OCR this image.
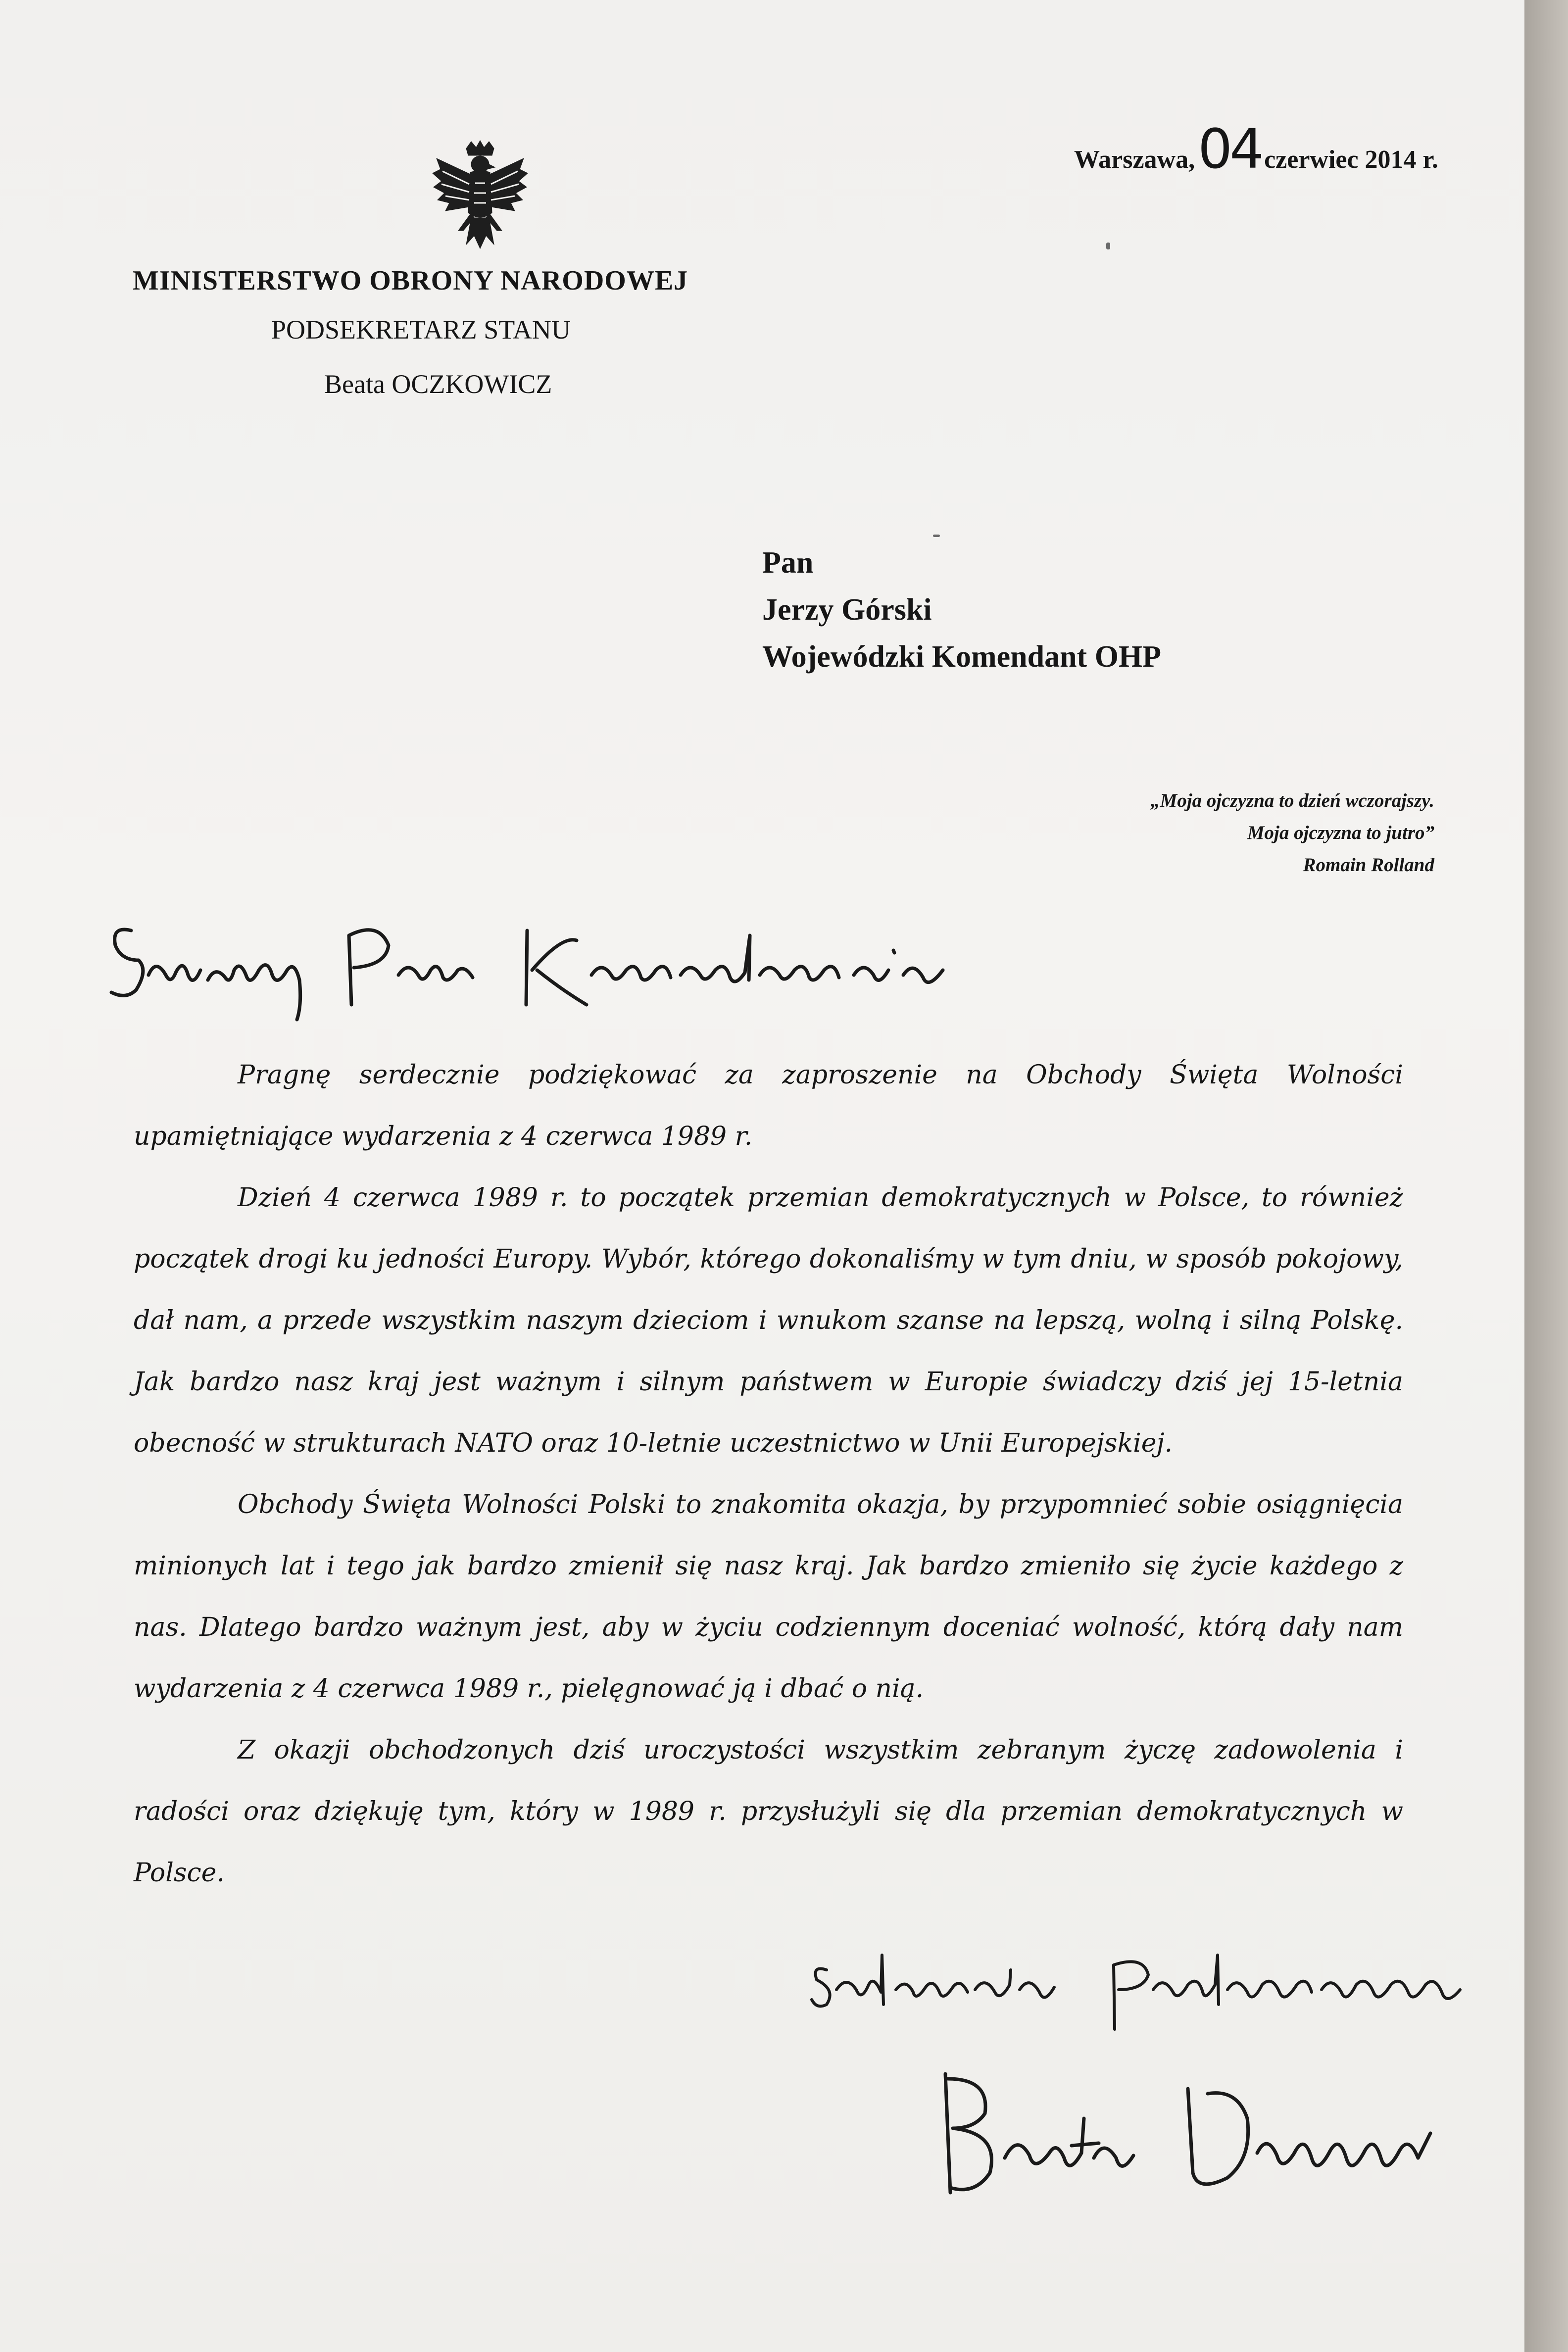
Warszawa, 04 czerwiec 2014 r.
MINISTERSTWO OBRONY NARODOWEJ
PODSEKRETARZ STANU
Beata OCZKOWICZ
Pan
Jerzy Górski
Wojewódzki Komendant OHP
„Moja ojczyzna to dzień wczorajszy.
Moja ojczyzna to jutro”
Romain Rolland

Pragnę serdecznie podziękować za zaproszenie na Obchody Święta Wolności upamiętniające wydarzenia z 4 czerwca 1989 r.

Dzień 4 czerwca 1989 r. to początek przemian demokratycznych w Polsce, to również początek drogi ku jedności Europy. Wybór, którego dokonaliśmy w tym dniu, w sposób pokojowy, dał nam, a przede wszystkim naszym dzieciom i wnukom szanse na lepszą, wolną i silną Polskę. Jak bardzo nasz kraj jest ważnym i silnym państwem w Europie świadczy dziś jej 15-letnia obecność w strukturach NATO oraz 10-letnie uczestnictwo w Unii Europejskiej.

Obchody Święta Wolności Polski to znakomita okazja, by przypomnieć sobie osiągnięcia minionych lat i tego jak bardzo zmienił się nasz kraj. Jak bardzo zmieniło się życie każdego z nas. Dlatego bardzo ważnym jest, aby w życiu codziennym doceniać wolność, którą dały nam wydarzenia z 4 czerwca 1989 r., pielęgnować ją i dbać o nią.

Z okazji obchodzonych dziś uroczystości wszystkim zebranym życzę zadowolenia i radości oraz dziękuję tym, który w 1989 r. przysłużyli się dla przemian demokratycznych w Polsce.
